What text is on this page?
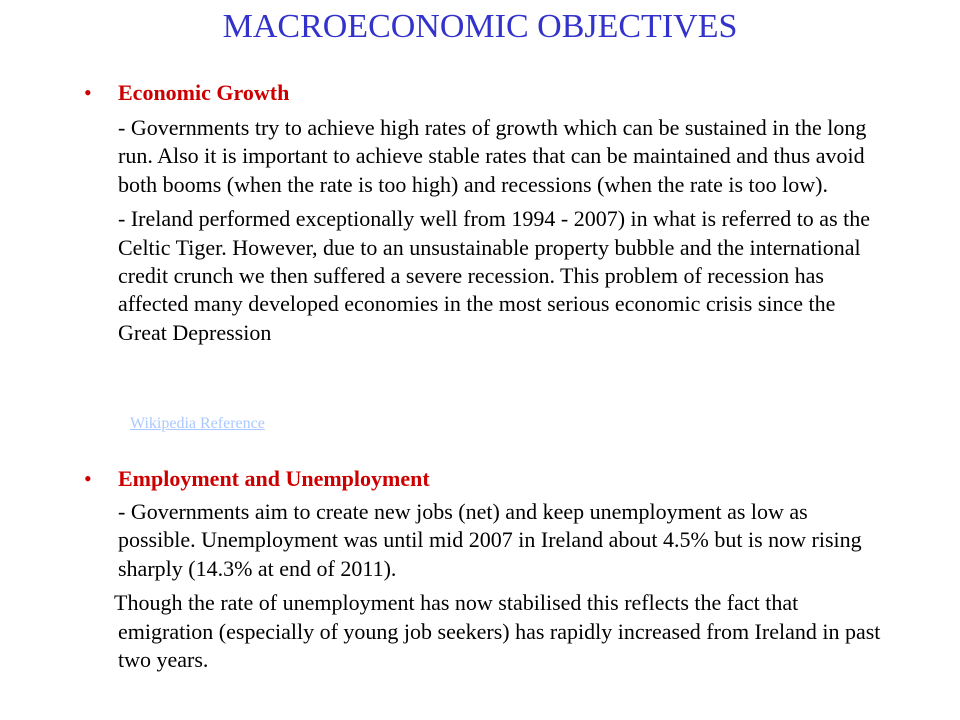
MACROECONOMIC OBJECTIVES
• Economic Growth

- Governments try to achieve high rates of growth which can be sustained in the long run. Also it is important to achieve stable rates that can be maintained and thus avoid both booms (when the rate is too high) and recessions (when the rate is too low).

- Ireland performed exceptionally well from 1994 - 2007) in what is referred to as the Celtic Tiger. However, due to an unsustainable property bubble and the international credit crunch we then suffered a severe recession. This problem of recession has affected many developed economies in the most serious economic crisis since the Great Depression

Wikipedia Reference
• Employment and Unemployment

- Governments aim to create new jobs (net) and keep unemployment as low as possible. Unemployment was until mid 2007 in Ireland about 4.5% but is now rising sharply (14.3% at end of 2011).

Though the rate of unemployment has now stabilised this reflects the fact that emigration (especially of young job seekers) has rapidly increased from Ireland in past two years.
